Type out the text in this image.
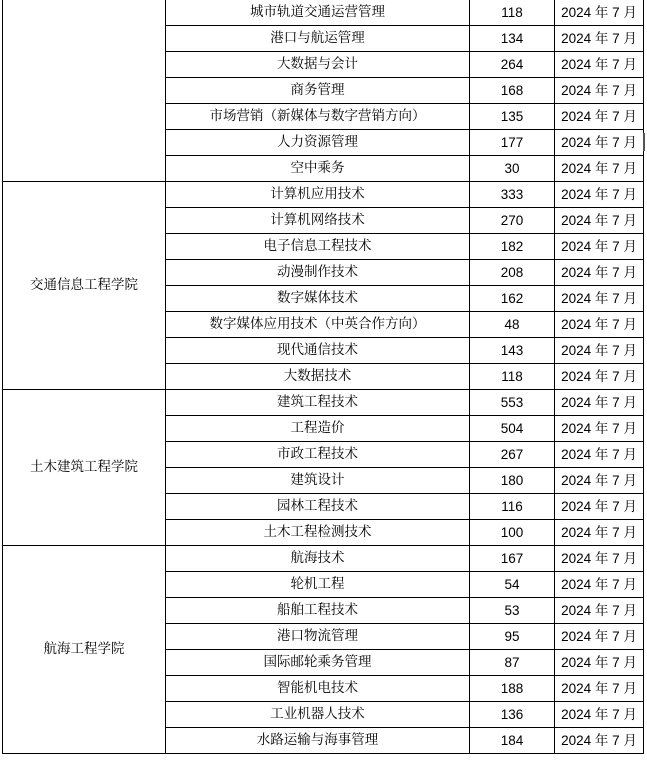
	城市轨道交通运营管理	118	2024 年 7 月
	港口与航运管理	134	2024 年 7 月
	大数据与会计	264	2024 年 7 月
	商务管理	168	2024 年 7 月
	市场营销（新媒体与数字营销方向）	135	2024 年 7 月
	人力资源管理	177	2024 年 7 月
	空中乘务	30	2024 年 7 月
交通信息工程学院	计算机应用技术	333	2024 年 7 月
	计算机网络技术	270	2024 年 7 月
	电子信息工程技术	182	2024 年 7 月
	动漫制作技术	208	2024 年 7 月
	数字媒体技术	162	2024 年 7 月
	数字媒体应用技术（中英合作方向）	48	2024 年 7 月
	现代通信技术	143	2024 年 7 月
	大数据技术	118	2024 年 7 月
土木建筑工程学院	建筑工程技术	553	2024 年 7 月
	工程造价	504	2024 年 7 月
	市政工程技术	267	2024 年 7 月
	建筑设计	180	2024 年 7 月
	园林工程技术	116	2024 年 7 月
	土木工程检测技术	100	2024 年 7 月
航海工程学院	航海技术	167	2024 年 7 月
	轮机工程	54	2024 年 7 月
	船舶工程技术	53	2024 年 7 月
	港口物流管理	95	2024 年 7 月
	国际邮轮乘务管理	87	2024 年 7 月
	智能机电技术	188	2024 年 7 月
	工业机器人技术	136	2024 年 7 月
	水路运输与海事管理	184	2024 年 7 月
